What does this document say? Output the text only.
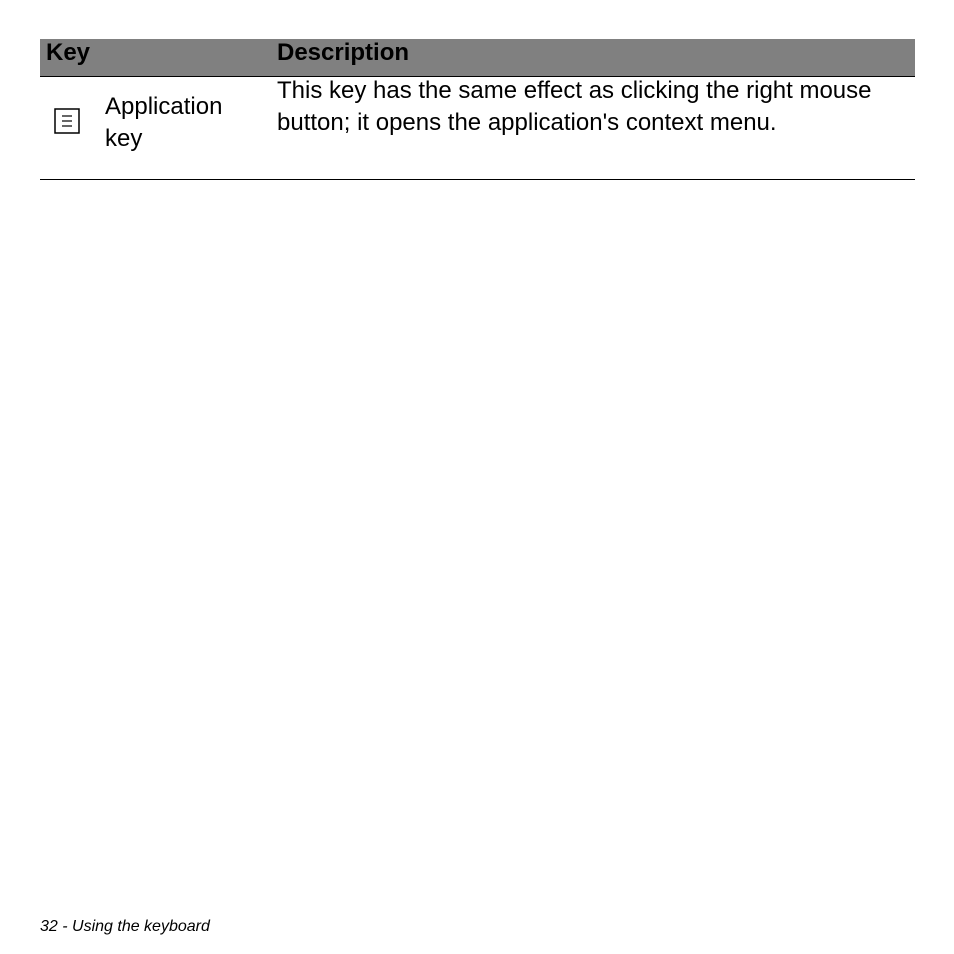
Key	Description
Application key
This key has the same effect as clicking the right mouse button; it opens the application's context menu.
32 - Using the keyboard
